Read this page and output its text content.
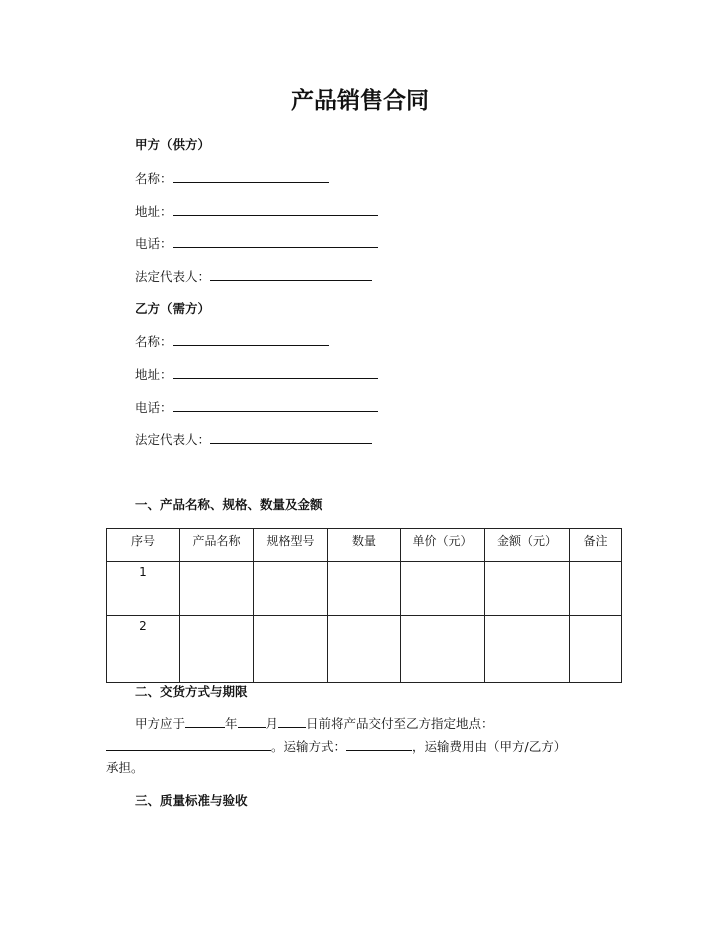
产品销售合同
甲方（供方）
名称：
地址：
电话：
法定代表人：
乙方（需方）
名称：
地址：
电话：
法定代表人：
一、产品名称、规格、数量及金额
序号	产品名称	规格型号	数量	单价（元）	金额（元）	备注
1						
2						
二、交货方式与期限
甲方应于	年 月 日前将产品交付至乙方指定地点：
。运输方式：	，运输费用由（甲方/乙方）
承担。
三、质量标准与验收
